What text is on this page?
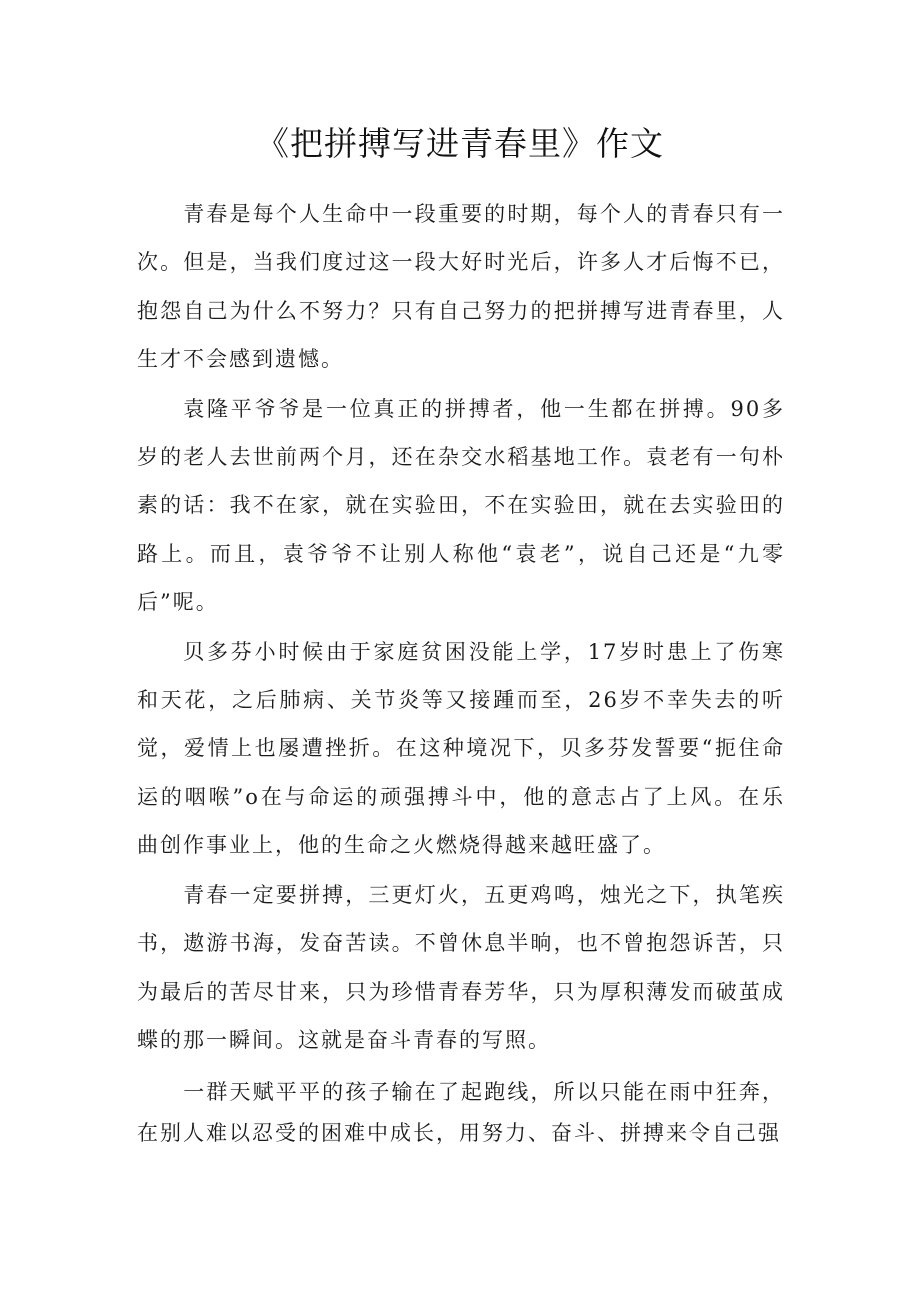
《把拼搏写进青春里》作文

青春是每个人生命中一段重要的时期，每个人的青春只有一次。但是，当我们度过这一段大好时光后，许多人才后悔不已，抱怨自己为什么不努力？只有自己努力的把拼搏写进青春里，人生才不会感到遗憾。

袁隆平爷爷是一位真正的拼搏者，他一生都在拼搏。90多岁的老人去世前两个月，还在杂交水稻基地工作。袁老有一句朴素的话：我不在家，就在实验田，不在实验田，就在去实验田的路上。而且，袁爷爷不让别人称他“袁老”，说自己还是“九零后”呢。

贝多芬小时候由于家庭贫困没能上学，17岁时患上了伤寒和天花，之后肺病、关节炎等又接踵而至，26岁不幸失去的听觉，爱情上也屡遭挫折。在这种境况下，贝多芬发誓要“扼住命运的咽喉”o在与命运的顽强搏斗中，他的意志占了上风。在乐曲创作事业上，他的生命之火燃烧得越来越旺盛了。

青春一定要拼搏，三更灯火，五更鸡鸣，烛光之下，执笔疾书，遨游书海，发奋苦读。不曾休息半晌，也不曾抱怨诉苦，只为最后的苦尽甘来，只为珍惜青春芳华，只为厚积薄发而破茧成蝶的那一瞬间。这就是奋斗青春的写照。

一群天赋平平的孩子输在了起跑线，所以只能在雨中狂奔，在别人难以忍受的困难中成长，用努力、奋斗、拼搏来令自己强
